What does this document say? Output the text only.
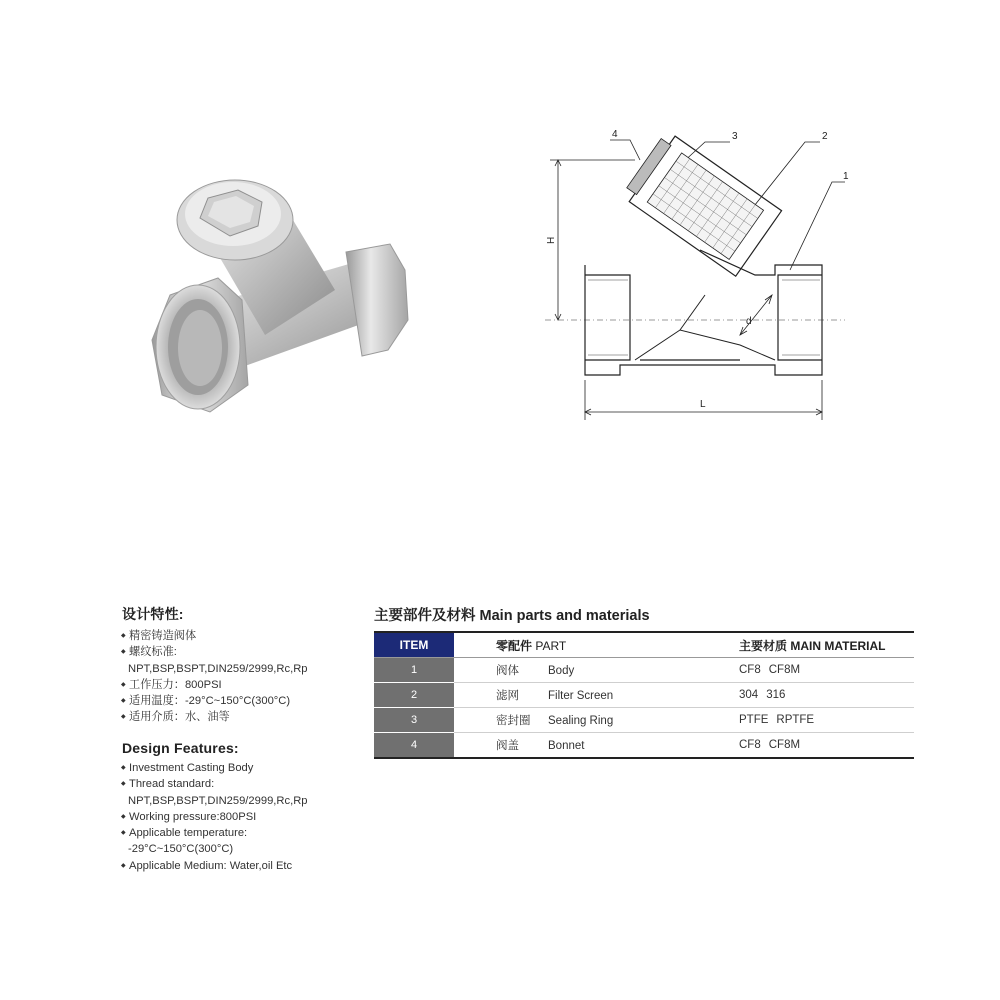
4	3	2
1
H
L
d
设计特性:
◆ 精密铸造阀体
◆ 螺纹标准:
NPT,BSP,BSPT,DIN259/2999,Rc,Rp
◆ 工作压力：800PSI
◆ 适用温度：-29°C~150°C(300°C)
◆ 适用介质：水、油等
Design Features:
◆ Investment Casting Body
◆ Thread standard:
NPT,BSP,BSPT,DIN259/2999,Rc,Rp
◆ Working pressure:800PSI
◆ Applicable temperature:
-29°C~150°C(300°C)
◆ Applicable Medium: Water,oil Etc
主要部件及材料 Main parts and materials
ITEM	零配件 PART	主要材质 MAIN MATERIAL
1	阀体 Body	CF8 CF8M
2	滤网 Filter Screen	304 316
3	密封圈 Sealing Ring	PTFE RPTFE
4	阀盖 Bonnet	CF8 CF8M
